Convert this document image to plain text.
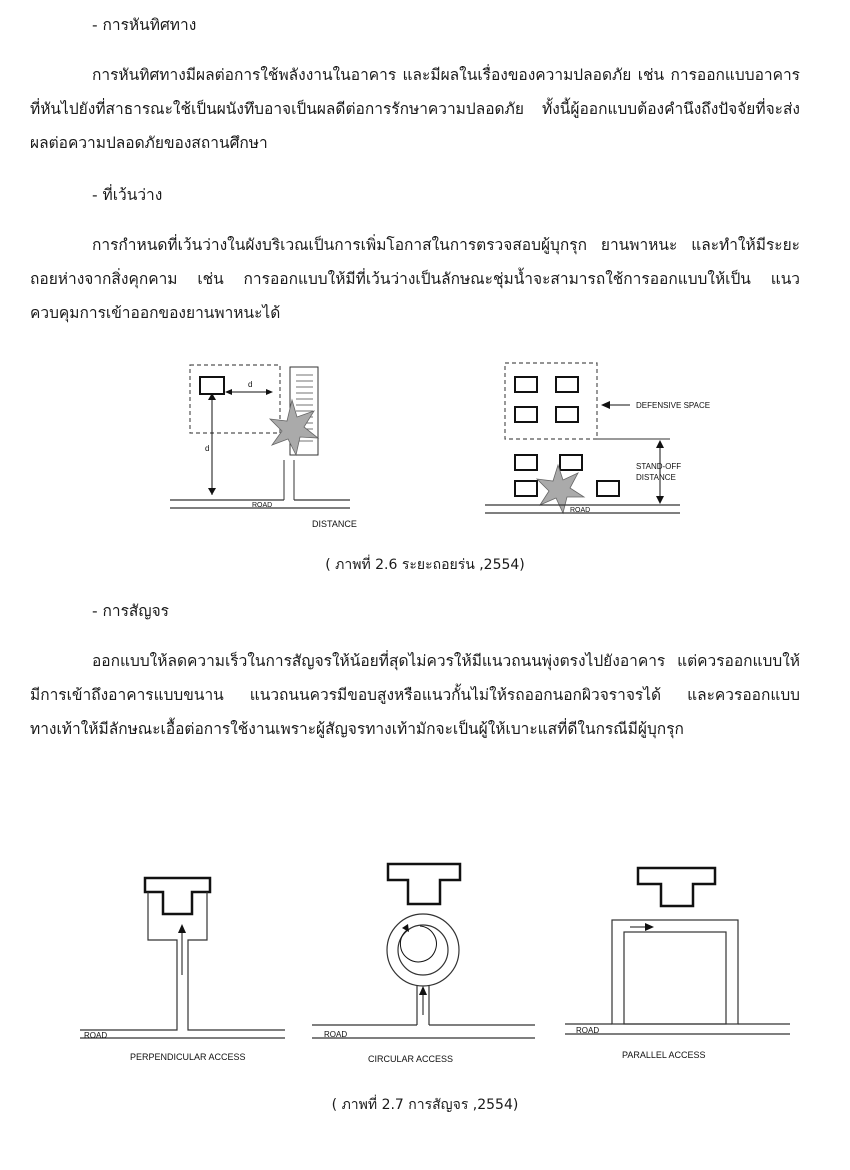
- การหันทิศทาง
การหันทิศทางมีผลต่อการใช้พลังงานในอาคาร และมีผลในเรื่องของความปลอดภัย เช่น การออกแบบอาคารที่หันไปยังที่สาธารณะใช้เป็นผนังทึบอาจเป็นผลดีต่อการรักษาความปลอดภัย ทั้งนี้ผู้ออกแบบต้องคำนึงถึงปัจจัยที่จะส่งผลต่อความปลอดภัยของสถานศึกษา
- ที่เว้นว่าง
การกำหนดที่เว้นว่างในผังบริเวณเป็นการเพิ่มโอกาสในการตรวจสอบผู้บุกรุก ยานพาหนะ และทำให้มีระยะถอยห่างจากสิ่งคุกคาม เช่น การออกแบบให้มีที่เว้นว่างเป็นลักษณะชุ่มน้ำจะสามารถใช้การออกแบบให้เป็น แนวควบคุมการเข้าออกของยานพาหนะได้
d
d
ROAD
DISTANCE
DEFENSIVE SPACE
STAND-OFF
DISTANCE
ROAD
( ภาพที่ 2.6 ระยะถอยร่น ,2554)
- การสัญจร
ออกแบบให้ลดความเร็วในการสัญจรให้น้อยที่สุดไม่ควรให้มีแนวถนนพุ่งตรงไปยังอาคาร แต่ควรออกแบบให้มีการเข้าถึงอาคารแบบขนาน แนวถนนควรมีขอบสูงหรือแนวกั้นไม่ให้รถออกนอกผิวจราจรได้ และควรออกแบบทางเท้าให้มีลักษณะเอื้อต่อการใช้งานเพราะผู้สัญจรทางเท้ามักจะเป็นผู้ให้เบาะแสที่ดีในกรณีมีผู้บุกรุก
ROAD
PERPENDICULAR ACCESS
ROAD
CIRCULAR ACCESS
ROAD
PARALLEL ACCESS
( ภาพที่ 2.7 การสัญจร ,2554)
